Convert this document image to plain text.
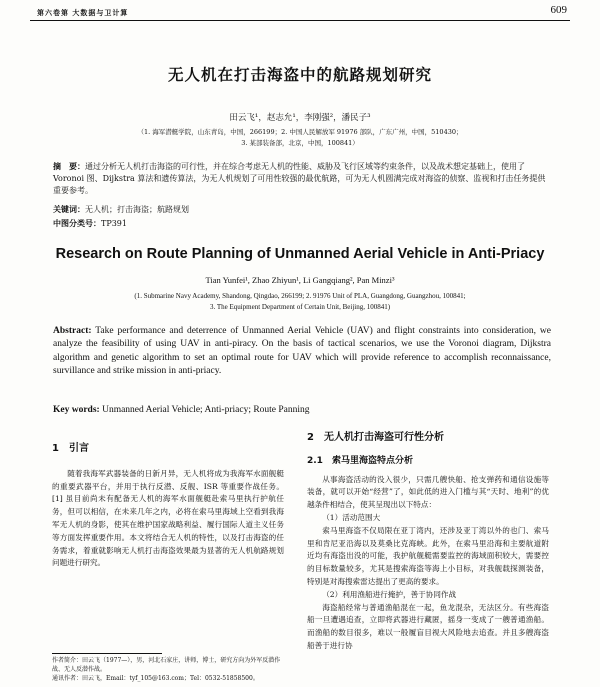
第六卷第 大数据与卫计算	609
无人机在打击海盗中的航路规划研究
田云飞¹，赵志允¹，李刚强²，潘民子³
（1. 海军潜艇学院，山东青岛，中国，266199；2. 中国人民解放军 91976 部队，广东广州，中国，510430；
3. 某部装备部，北京，中国，100841）
摘　要：通过分析无人机打击海盗的可行性，并在综合考虑无人机的性能、威胁及飞行区域等约束条件，以及战术想定基础上，使用了 Voronoi 图、Dijkstra 算法和遗传算法，为无人机规划了可用性较强的最优航路，可为无人机圆满完成对海盗的侦察、监视和打击任务提供重要参考。
关键词：无人机；打击海盗；航路规划
中图分类号：TP391
Research on Route Planning of Unmanned Aerial Vehicle in Anti-Priacy
Tian Yunfei¹, Zhao Zhiyun¹, Li Gangqiang², Pan Minzi³
(1. Submarine Navy Academy, Shandong, Qingdao, 266199; 2. 91976 Unit of PLA, Guangdong, Guangzhou, 100841;
3. The Equipment Department of Certain Unit, Beijing, 100841)
Abstract: Take performance and deterrence of Unmanned Aerial Vehicle (UAV) and flight constraints into consideration, we analyze the feasibility of using UAV in anti-piracy. On the basis of tactical scenarios, we use the Voronoi diagram, Dijkstra algorithm and genetic algorithm to set an optimal route for UAV which will provide reference to accomplish reconnaissance, survillance and strike mission in anti-priacy.
Key words: Unmanned Aerial Vehicle; Anti-priacy; Route Panning
1　引言

随着我海军武器装备的日新月异，无人机将成为我海军水面舰艇的重要武器平台，并用于执行反潜、反舰、ISR 等重要作战任务。[1] 虽目前尚未有配备无人机的海军水面舰艇赴索马里执行护航任务，但可以相信，在未来几年之内，必将在索马里海域上空看到我海军无人机的身影，使其在维护国家战略利益、履行国际人道主义任务等方面发挥重要作用。本文将结合无人机的特性，以及打击海盗的任务需求，着重就影响无人机打击海盗效果最为显著的无人机航路规划问题进行研究。

2　无人机打击海盗可行性分析
2.1　索马里海盗特点分析

从事海盗活动的没入很少，只需几艘快船、抢支弹药和通信设施等装备，就可以开始“经营”了，如此低的进入门槛与其“天时、地利”的优越条件相结合，使其呈现出以下特点：

（1）活动范围大

索马里海盗不仅局限在亚丁湾内，还涉及亚丁湾以外的也门、索马里和肯尼亚沿海以及莫桑比克海峡。此外，在索马里沿海和主要航道附近均有海盗出没的可能，我护航舰艇需要监控的海域面积较大，需要控的目标数量较多，尤其是搜索海盗等海上小目标，对我舰载探测装备，特别是对海搜索雷达提出了更高的要求。

（2）利用渔船进行掩护，善于协同作战

海盗船经常与普通渔船混在一起，鱼龙混杂，无法区分。有些海盗船一旦遭遇追查，立即将武器进行藏匿，摇身一变成了一艘普通渔船。而渔船的数目很多，难以一般履盲目视大风险地去追查。并且多艘海盗船善于进行协

作者简介：田云飞（1977—），男，河北石家庄，讲师，博士，研究方向为外军反潜作战、无人反潜作战。
通讯作者：田云飞，Email：tyf_105@163.com；Tel：0532-51858500。
